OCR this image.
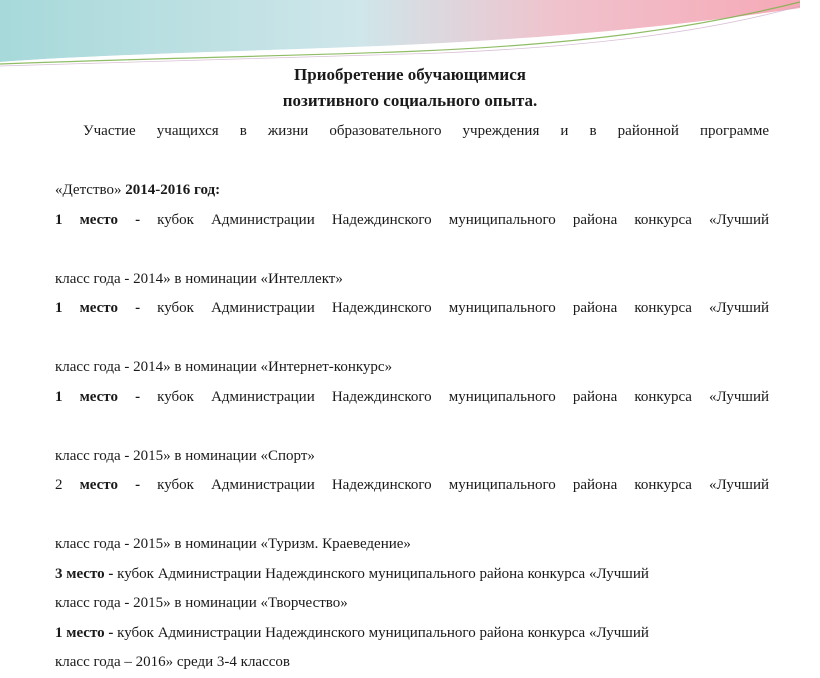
Приобретение обучающимися
позитивного социального опыта.

Участие учащихся в жизни образовательного учреждения и в районной программе

«Детство» 2014-2016 год:

1 место - кубок Администрации Надеждинского муниципального района конкурса «Лучший

класс года - 2014» в номинации «Интеллект»

1 место - кубок Администрации Надеждинского муниципального района конкурса «Лучший

класс года - 2014» в номинации «Интернет-конкурс»

1 место - кубок Администрации Надеждинского муниципального района конкурса «Лучший

класс года - 2015» в номинации «Спорт»

2 место - кубок Администрации Надеждинского муниципального района конкурса «Лучший

класс года - 2015» в номинации «Туризм. Краеведение»

3 место - кубок Администрации Надеждинского муниципального района конкурса «Лучший

класс года - 2015» в номинации «Творчество»

1 место - кубок Администрации Надеждинского муниципального района конкурса «Лучший

класс года – 2016» среди 3-4 классов
